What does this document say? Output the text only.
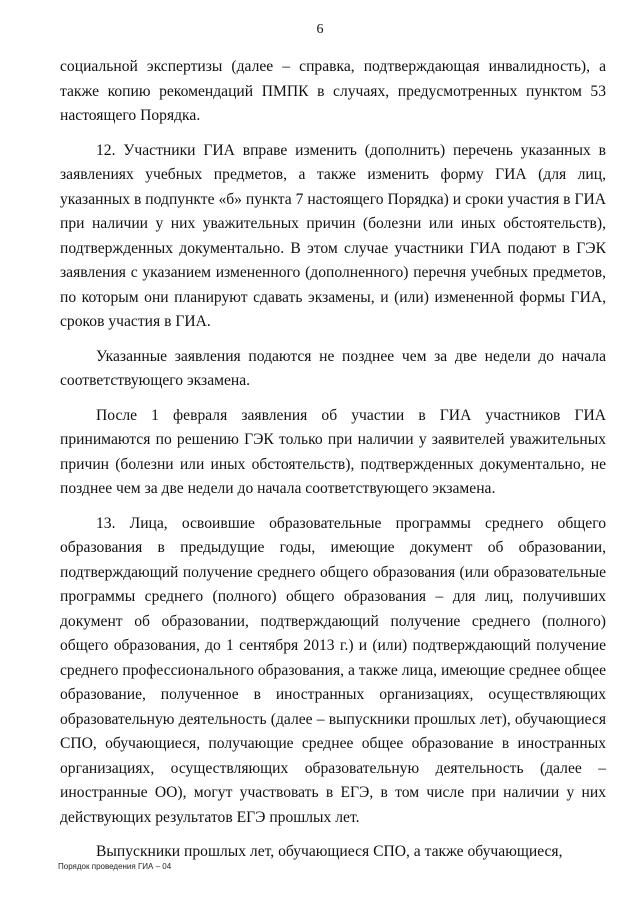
6

социальной экспертизы (далее – справка, подтверждающая инвалидность), а также копию рекомендаций ПМПК в случаях, предусмотренных пунктом 53 настоящего Порядка.

12. Участники ГИА вправе изменить (дополнить) перечень указанных в заявлениях учебных предметов, а также изменить форму ГИА (для лиц, указанных в подпункте «б» пункта 7 настоящего Порядка) и сроки участия в ГИА при наличии у них уважительных причин (болезни или иных обстоятельств), подтвержденных документально. В этом случае участники ГИА подают в ГЭК заявления с указанием измененного (дополненного) перечня учебных предметов, по которым они планируют сдавать экзамены, и (или) измененной формы ГИА, сроков участия в ГИА.

Указанные заявления подаются не позднее чем за две недели до начала соответствующего экзамена.

После 1 февраля заявления об участии в ГИА участников ГИА принимаются по решению ГЭК только при наличии у заявителей уважительных причин (болезни или иных обстоятельств), подтвержденных документально, не позднее чем за две недели до начала соответствующего экзамена.

13. Лица, освоившие образовательные программы среднего общего образования в предыдущие годы, имеющие документ об образовании, подтверждающий получение среднего общего образования (или образовательные программы среднего (полного) общего образования – для лиц, получивших документ об образовании, подтверждающий получение среднего (полного) общего образования, до 1 сентября 2013 г.) и (или) подтверждающий получение среднего профессионального образования, а также лица, имеющие среднее общее образование, полученное в иностранных организациях, осуществляющих образовательную деятельность (далее – выпускники прошлых лет), обучающиеся СПО, обучающиеся, получающие среднее общее образование в иностранных организациях, осуществляющих образовательную деятельность (далее – иностранные ОО), могут участвовать в ЕГЭ, в том числе при наличии у них действующих результатов ЕГЭ прошлых лет.

Выпускники прошлых лет, обучающиеся СПО, а также обучающиеся,

Порядок проведения ГИА – 04
